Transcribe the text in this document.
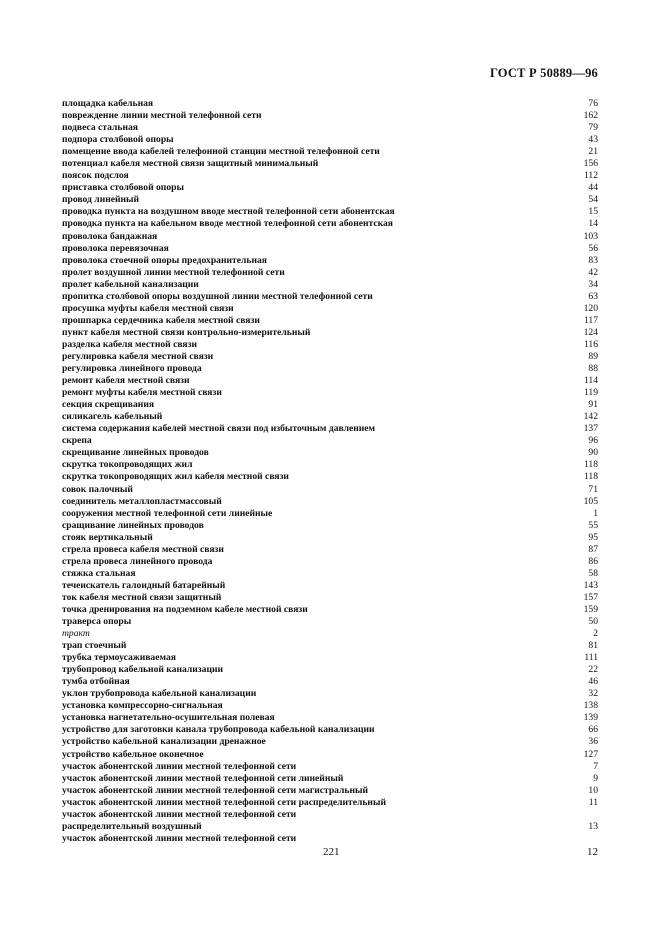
ГОСТ Р 50889—96
площадка кабельная	76
повреждение линии местной телефонной сети	162
подвеса стальная	79
подпора столбовой опоры	43
помещение ввода кабелей телефонной станции местной телефонной сети	21
потенциал кабеля местной связи защитный минимальный	156
поясок подслоя	112
приставка столбовой опоры	44
провод линейный	54
проводка пункта на воздушном вводе местной телефонной сети абонентская	15
проводка пункта на кабельном вводе местной телефонной сети абонентская	14
проволока бандажная	103
проволока перевязочная	56
проволока стоечной опоры предохранительная	83
пролет воздушной линии местной телефонной сети	42
пролет кабельной канализации	34
пропитка столбовой опоры воздушной линии местной телефонной сети	63
просушка муфты кабеля местной связи	120
прошпарка сердечника кабеля местной связи	117
пункт кабеля местной связи контрольно-измерительный	124
разделка кабеля местной связи	116
регулировка кабеля местной связи	89
регулировка линейного провода	88
ремонт кабеля местной связи	114
ремонт муфты кабеля местной связи	119
секция скрещивания	91
силикагель кабельный	142
система содержания кабелей местной связи под избыточным давлением	137
скрепа	96
скрещивание линейных проводов	90
скрутка токопроводящих жил	118
скрутка токопроводящих жил кабеля местной связи	118
совок палочный	71
соединитель металлопластмассовый	105
сооружения местной телефонной сети линейные	1
сращивание линейных проводов	55
стояк вертикальный	95
стрела провеса кабеля местной связи	87
стрела провеса линейного провода	86
стяжка стальная	58
течеискатель галоидный батарейный	143
ток кабеля местной связи защитный	157
точка дренирования на подземном кабеле местной связи	159
траверса опоры	50
тракт	2
трап стоечный	81
трубка термоусаживаемая	111
трубопровод кабельной канализации	22
тумба отбойная	46
уклон трубопровода кабельной канализации	32
установка компрессорно-сигнальная	138
установка нагнетательно-осушительная полевая	139
устройство для заготовки канала трубопровода кабельной канализации	66
устройство кабельной канализации дренажное	36
устройство кабельное оконечное	127
участок абонентской линии местной телефонной сети	7
участок абонентской линии местной телефонной сети линейный	9
участок абонентской линии местной телефонной сети магистральный	10
участок абонентской линии местной телефонной сети распределительный	11
участок абонентской линии местной телефонной сети
распределительный воздушный	13
участок абонентской линии местной телефонной сети
221	12
